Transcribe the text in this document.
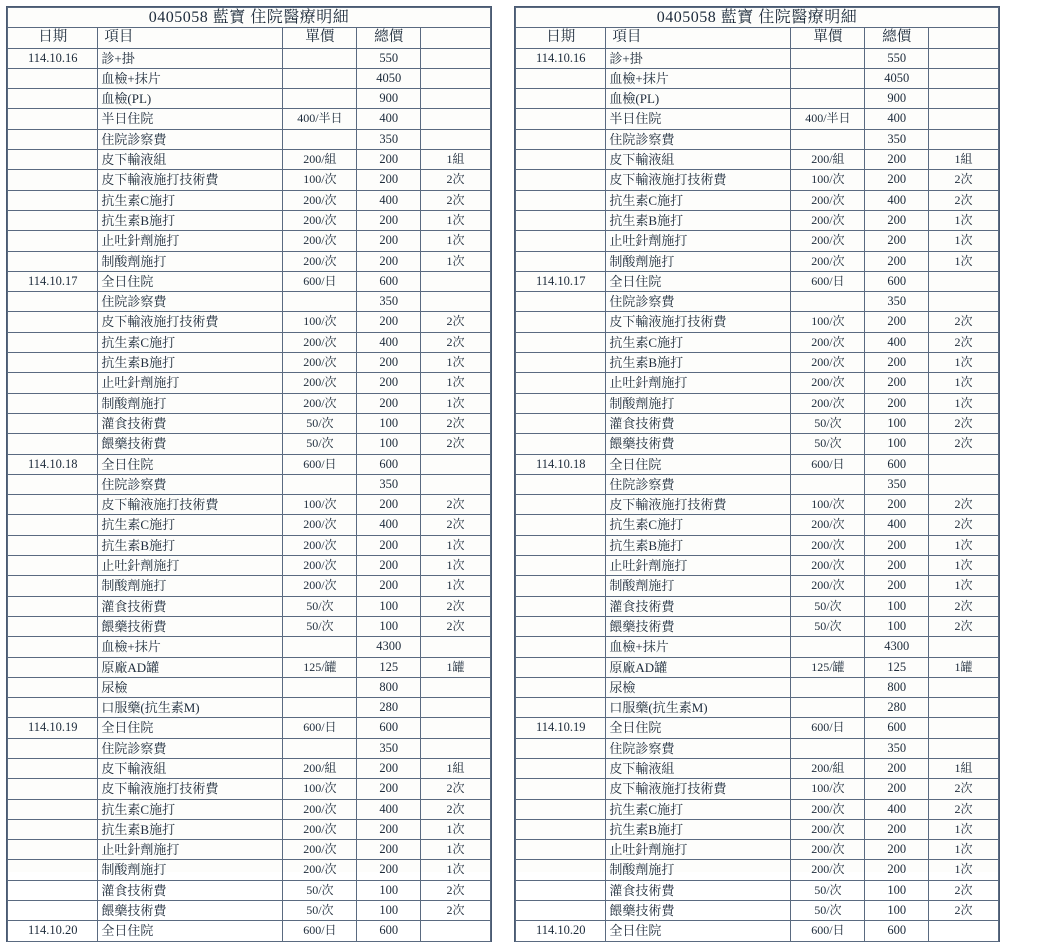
0405058 藍寶 住院醫療明細				
日期	項目	單價	總價	
114.10.16	診+掛		550	
	血檢+抹片		4050	
	血檢(PL)		900	
	半日住院	400/半日	400	
	住院診察費		350	
	皮下輸液組	200/組	200	1組
	皮下輸液施打技術費	100/次	200	2次
	抗生素C施打	200/次	400	2次
	抗生素B施打	200/次	200	1次
	止吐針劑施打	200/次	200	1次
	制酸劑施打	200/次	200	1次
114.10.17	全日住院	600/日	600	
	住院診察費		350	
	皮下輸液施打技術費	100/次	200	2次
	抗生素C施打	200/次	400	2次
	抗生素B施打	200/次	200	1次
	止吐針劑施打	200/次	200	1次
	制酸劑施打	200/次	200	1次
	灌食技術費	50/次	100	2次
	餵藥技術費	50/次	100	2次
114.10.18	全日住院	600/日	600	
	住院診察費		350	
	皮下輸液施打技術費	100/次	200	2次
	抗生素C施打	200/次	400	2次
	抗生素B施打	200/次	200	1次
	止吐針劑施打	200/次	200	1次
	制酸劑施打	200/次	200	1次
	灌食技術費	50/次	100	2次
	餵藥技術費	50/次	100	2次
	血檢+抹片		4300	
	原廠AD罐	125/罐	125	1罐
	尿檢		800	
	口服藥(抗生素M)		280	
114.10.19	全日住院	600/日	600	
	住院診察費		350	
	皮下輸液組	200/組	200	1組
	皮下輸液施打技術費	100/次	200	2次
	抗生素C施打	200/次	400	2次
	抗生素B施打	200/次	200	1次
	止吐針劑施打	200/次	200	1次
	制酸劑施打	200/次	200	1次
	灌食技術費	50/次	100	2次
	餵藥技術費	50/次	100	2次
114.10.20	全日住院	600/日	600	
0405058 藍寶 住院醫療明細				
日期	項目	單價	總價	
114.10.16	診+掛		550	
	血檢+抹片		4050	
	血檢(PL)		900	
	半日住院	400/半日	400	
	住院診察費		350	
	皮下輸液組	200/組	200	1組
	皮下輸液施打技術費	100/次	200	2次
	抗生素C施打	200/次	400	2次
	抗生素B施打	200/次	200	1次
	止吐針劑施打	200/次	200	1次
	制酸劑施打	200/次	200	1次
114.10.17	全日住院	600/日	600	
	住院診察費		350	
	皮下輸液施打技術費	100/次	200	2次
	抗生素C施打	200/次	400	2次
	抗生素B施打	200/次	200	1次
	止吐針劑施打	200/次	200	1次
	制酸劑施打	200/次	200	1次
	灌食技術費	50/次	100	2次
	餵藥技術費	50/次	100	2次
114.10.18	全日住院	600/日	600	
	住院診察費		350	
	皮下輸液施打技術費	100/次	200	2次
	抗生素C施打	200/次	400	2次
	抗生素B施打	200/次	200	1次
	止吐針劑施打	200/次	200	1次
	制酸劑施打	200/次	200	1次
	灌食技術費	50/次	100	2次
	餵藥技術費	50/次	100	2次
	血檢+抹片		4300	
	原廠AD罐	125/罐	125	1罐
	尿檢		800	
	口服藥(抗生素M)		280	
114.10.19	全日住院	600/日	600	
	住院診察費		350	
	皮下輸液組	200/組	200	1組
	皮下輸液施打技術費	100/次	200	2次
	抗生素C施打	200/次	400	2次
	抗生素B施打	200/次	200	1次
	止吐針劑施打	200/次	200	1次
	制酸劑施打	200/次	200	1次
	灌食技術費	50/次	100	2次
	餵藥技術費	50/次	100	2次
114.10.20	全日住院	600/日	600	
